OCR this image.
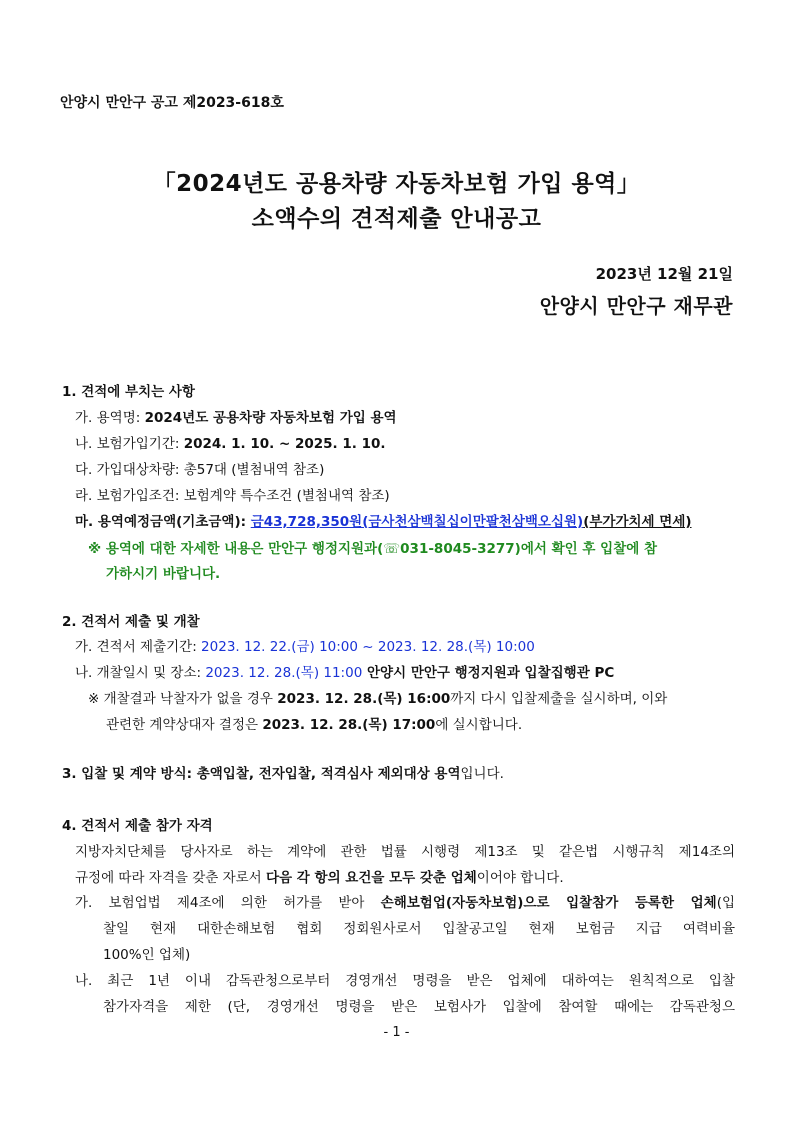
안양시 만안구 공고 제2023-618호
「2024년도 공용차량 자동차보험 가입 용역」
소액수의 견적제출 안내공고
2023년 12월 21일
안양시 만안구 재무관
1. 견적에 부치는 사항
가. 용역명: 2024년도 공용차량 자동차보험 가입 용역
나. 보험가입기간: 2024. 1. 10. ~ 2025. 1. 10.
다. 가입대상차량: 총57대 (별첨내역 참조)
라. 보험가입조건: 보험계약 특수조건 (별첨내역 참조)
마. 용역예정금액(기초금액): 금43,728,350원(금사천삼백칠십이만팔천삼백오십원)(부가가치세 면세)
※ 용역에 대한 자세한 내용은 만안구 행정지원과(☏031-8045-3277)에서 확인 후 입찰에 참
가하시기 바랍니다.
2. 견적서 제출 및 개찰
가. 견적서 제출기간: 2023. 12. 22.(금) 10:00 ~ 2023. 12. 28.(목) 10:00
나. 개찰일시 및 장소: 2023. 12. 28.(목) 11:00 안양시 만안구 행정지원과 입찰집행관 PC
※ 개찰결과 낙찰자가 없을 경우 2023. 12. 28.(목) 16:00까지 다시 입찰제출을 실시하며, 이와
관련한 계약상대자 결정은 2023. 12. 28.(목) 17:00에 실시합니다.
3. 입찰 및 계약 방식: 총액입찰, 전자입찰, 적격심사 제외대상 용역입니다.
4. 견적서 제출 참가 자격
지방자치단체를 당사자로 하는 계약에 관한 법률 시행령 제13조 및 같은법 시행규칙 제14조의
규정에 따라 자격을 갖춘 자로서 다음 각 항의 요건을 모두 갖춘 업체이어야 합니다.
가. 보험업법 제4조에 의한 허가를 받아 손해보험업(자동차보험)으로 입찰참가 등록한 업체(입
찰일 현재 대한손해보험 협회 정회원사로서 입찰공고일 현재 보험금 지급 여력비율
100%인 업체)
나. 최근 1년 이내 감독관청으로부터 경영개선 명령을 받은 업체에 대하여는 원칙적으로 입찰
참가자격을 제한 (단, 경영개선 명령을 받은 보험사가 입찰에 참여할 때에는 감독관청으
- 1 -
